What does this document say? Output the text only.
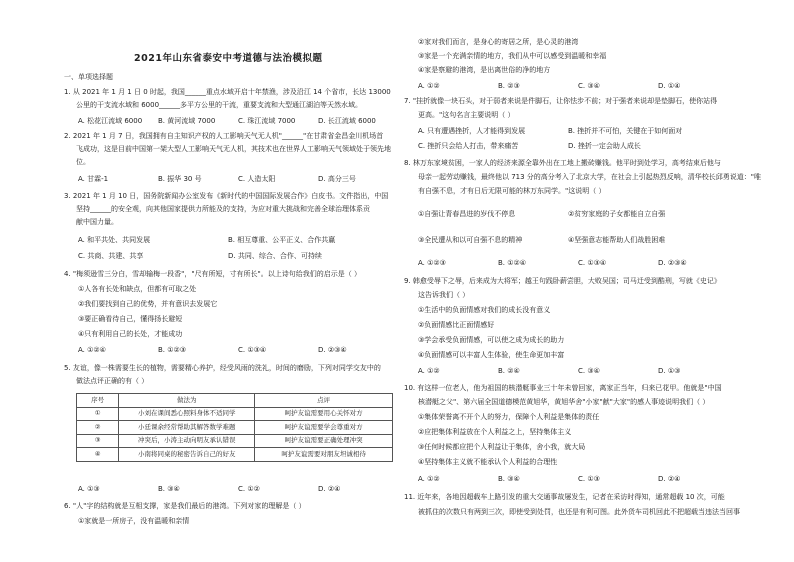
2021年山东省泰安中考道德与法治模拟题
一、单项选择题
1. 从 2021 年 1 月 1 日 0 时起，我国______重点水域开启十年禁渔，涉及沿江 14 个省市，长达 13000
公里的干支流水域和 6000______多平方公里的干流，重要支流和大型通江湖泊等天然水域。
A. 松花江流域 6000 B. 黄河流域 7000	C. 珠江流域 7000	D. 长江流域 6000
2. 2021 年 1 月 7 日，我国拥有自主知识产权的人工影响天气无人机"______"在甘肃省金昌金川机场首
飞成功，这是目前中国第一架大型人工影响天气无人机，其技术也在世界人工影响天气领域处于领先地
位。
A. 甘霖-1	B. 振华 30 号	C. 人造太阳	D. 高分三号
3. 2021 年 1 月 10 日，国务院新闻办公室发布《新时代的中国国际发展合作》白皮书。文件指出，中国
坚持______的安全观，向其他国家提供力所能及的支持，为应对重大挑战和完善全球治理体系贡
献中国力量。
A. 和平共处、共同发展	B. 相互尊重、公平正义、合作共赢
C. 共商、共建、共享	D. 共同、综合、合作、可持续
4. "梅须逊雪三分白，雪却输梅一段香"，"尺有所短，寸有所长"。以上诗句给我们的启示是（ ）
①人各有长处和缺点，但都有可取之处
②我们要找到自己的优势，并有意识去发展它
③要正确看待自己，懂得扬长避短
④只有利用自己的长处，才能成功
A. ①②④	B. ①②③	C. ①③④	D. ②③④
5. 友谊，像一株需要生长的植物，需要精心养护，经受风雨的洗礼，时间的磨励，下列对同学交友中的
做法点评正确的有（ ）
序号	做法为	点评
①	小刘在课间悉心照料身体不适同学	呵护友谊需要用心关怀对方
②	小廷课余经常帮助其解答数学难题	呵护友谊需要学会尊重对方
③	冲突后，小涛主动向明友承认错误	呵护友谊需要正确处理冲突
④	小南将同桌的秘密告诉自己的好友	呵护友谊需要对朋友坦诚相待
A. ①③	B. ③④	C. ①②	D. ②④
6. "人"字的结构就是互相支撑，家是我们最后的港湾。下列对家的理解是（ ）
①家就是一所房子，没有温暖和亲情
②家对我们而言，是身心的寄居之所，是心灵的港湾
③家是一个充满亲情的地方，我们从中可以感受到温暖和幸福
④家是察避的港湾，是出离世俗的净的地方
A. ①②	B. ②③	C. ③④	D. ①④
7. "挂折就像一块石头，对于弱者来说是件脚石，让你怯步不前；对于强者来说却是垫脚石，使你站得
更高。"这句名言主要说明（ ）
A. 只有遭遇挫折，人才能得到发展	B. 挫折并不可怕，关键在于如何面对
C. 挫折只会给人打击，带来痛苦	D. 挫折一定会助人成长
8. 林万东家境贫困，一家人的经济来源全靠外出在工地上搬砖赚钱。他平时到处学习，高考结束后他与
母亲一起劳动赚钱，最终他以 713 分的高分考入了北京大学，在社会上引起热烈反响，清华校长邱勇说道："唯
有自强不息，才有日后无限可能的林万东同学。"这说明（ ）
①自强让青春昌进的岁伐不停息	②贫穷家庭的子女都能自立自强
③全民遭从和以可自强不息的精神	④坚强意志能帮助人们战胜困难
A. ①②③	B. ①②④	C. ①③④	D. ②③④
9. 韩愈受辱下之辱，后来成为大将军；越王句践卧薪尝胆，大败吴国；司马迁受到酷刑，写就《史记》
这告诉我们（ ）
①生活中的负面情感对我们的成长没有意义
②负面情感比正面情感好
③学会承受负面情感，可以使之成为成长的助力
④负面情感可以丰富人生体验，使生命更加丰富
A. ①②	B. ②④	C. ③④	D. ①③
10. 有这样一位老人，他为祖国的核潜艇事业三十年未曾回家，离家正当年，归来已花甲。他就是"中国
核潜艇之父"、第六届全国道德模范黄旭华，黄旭华舍"小家"献"大家"的感人事迹说明我们（ ）
①集体荣誉离不开个人的努力，保障个人利益是集体的责任
②应把集体利益放在个人利益之上，坚持集体主义
③任何时候都应把个人利益让于集体，舍小我，就大局
④坚持集体主义就不能承认个人利益的合理性
A. ①②	B. ③④	C. ①③	D. ②④
11. 近年来，各地因超载车上路引发的重大交通事故屡发生，记者在采访时得知，通常超载 10 次，可能
被抓住的次数只有两到三次，即使受到处罚，也还是有利可图。此外货车司机回此不把超载当违法当回事
